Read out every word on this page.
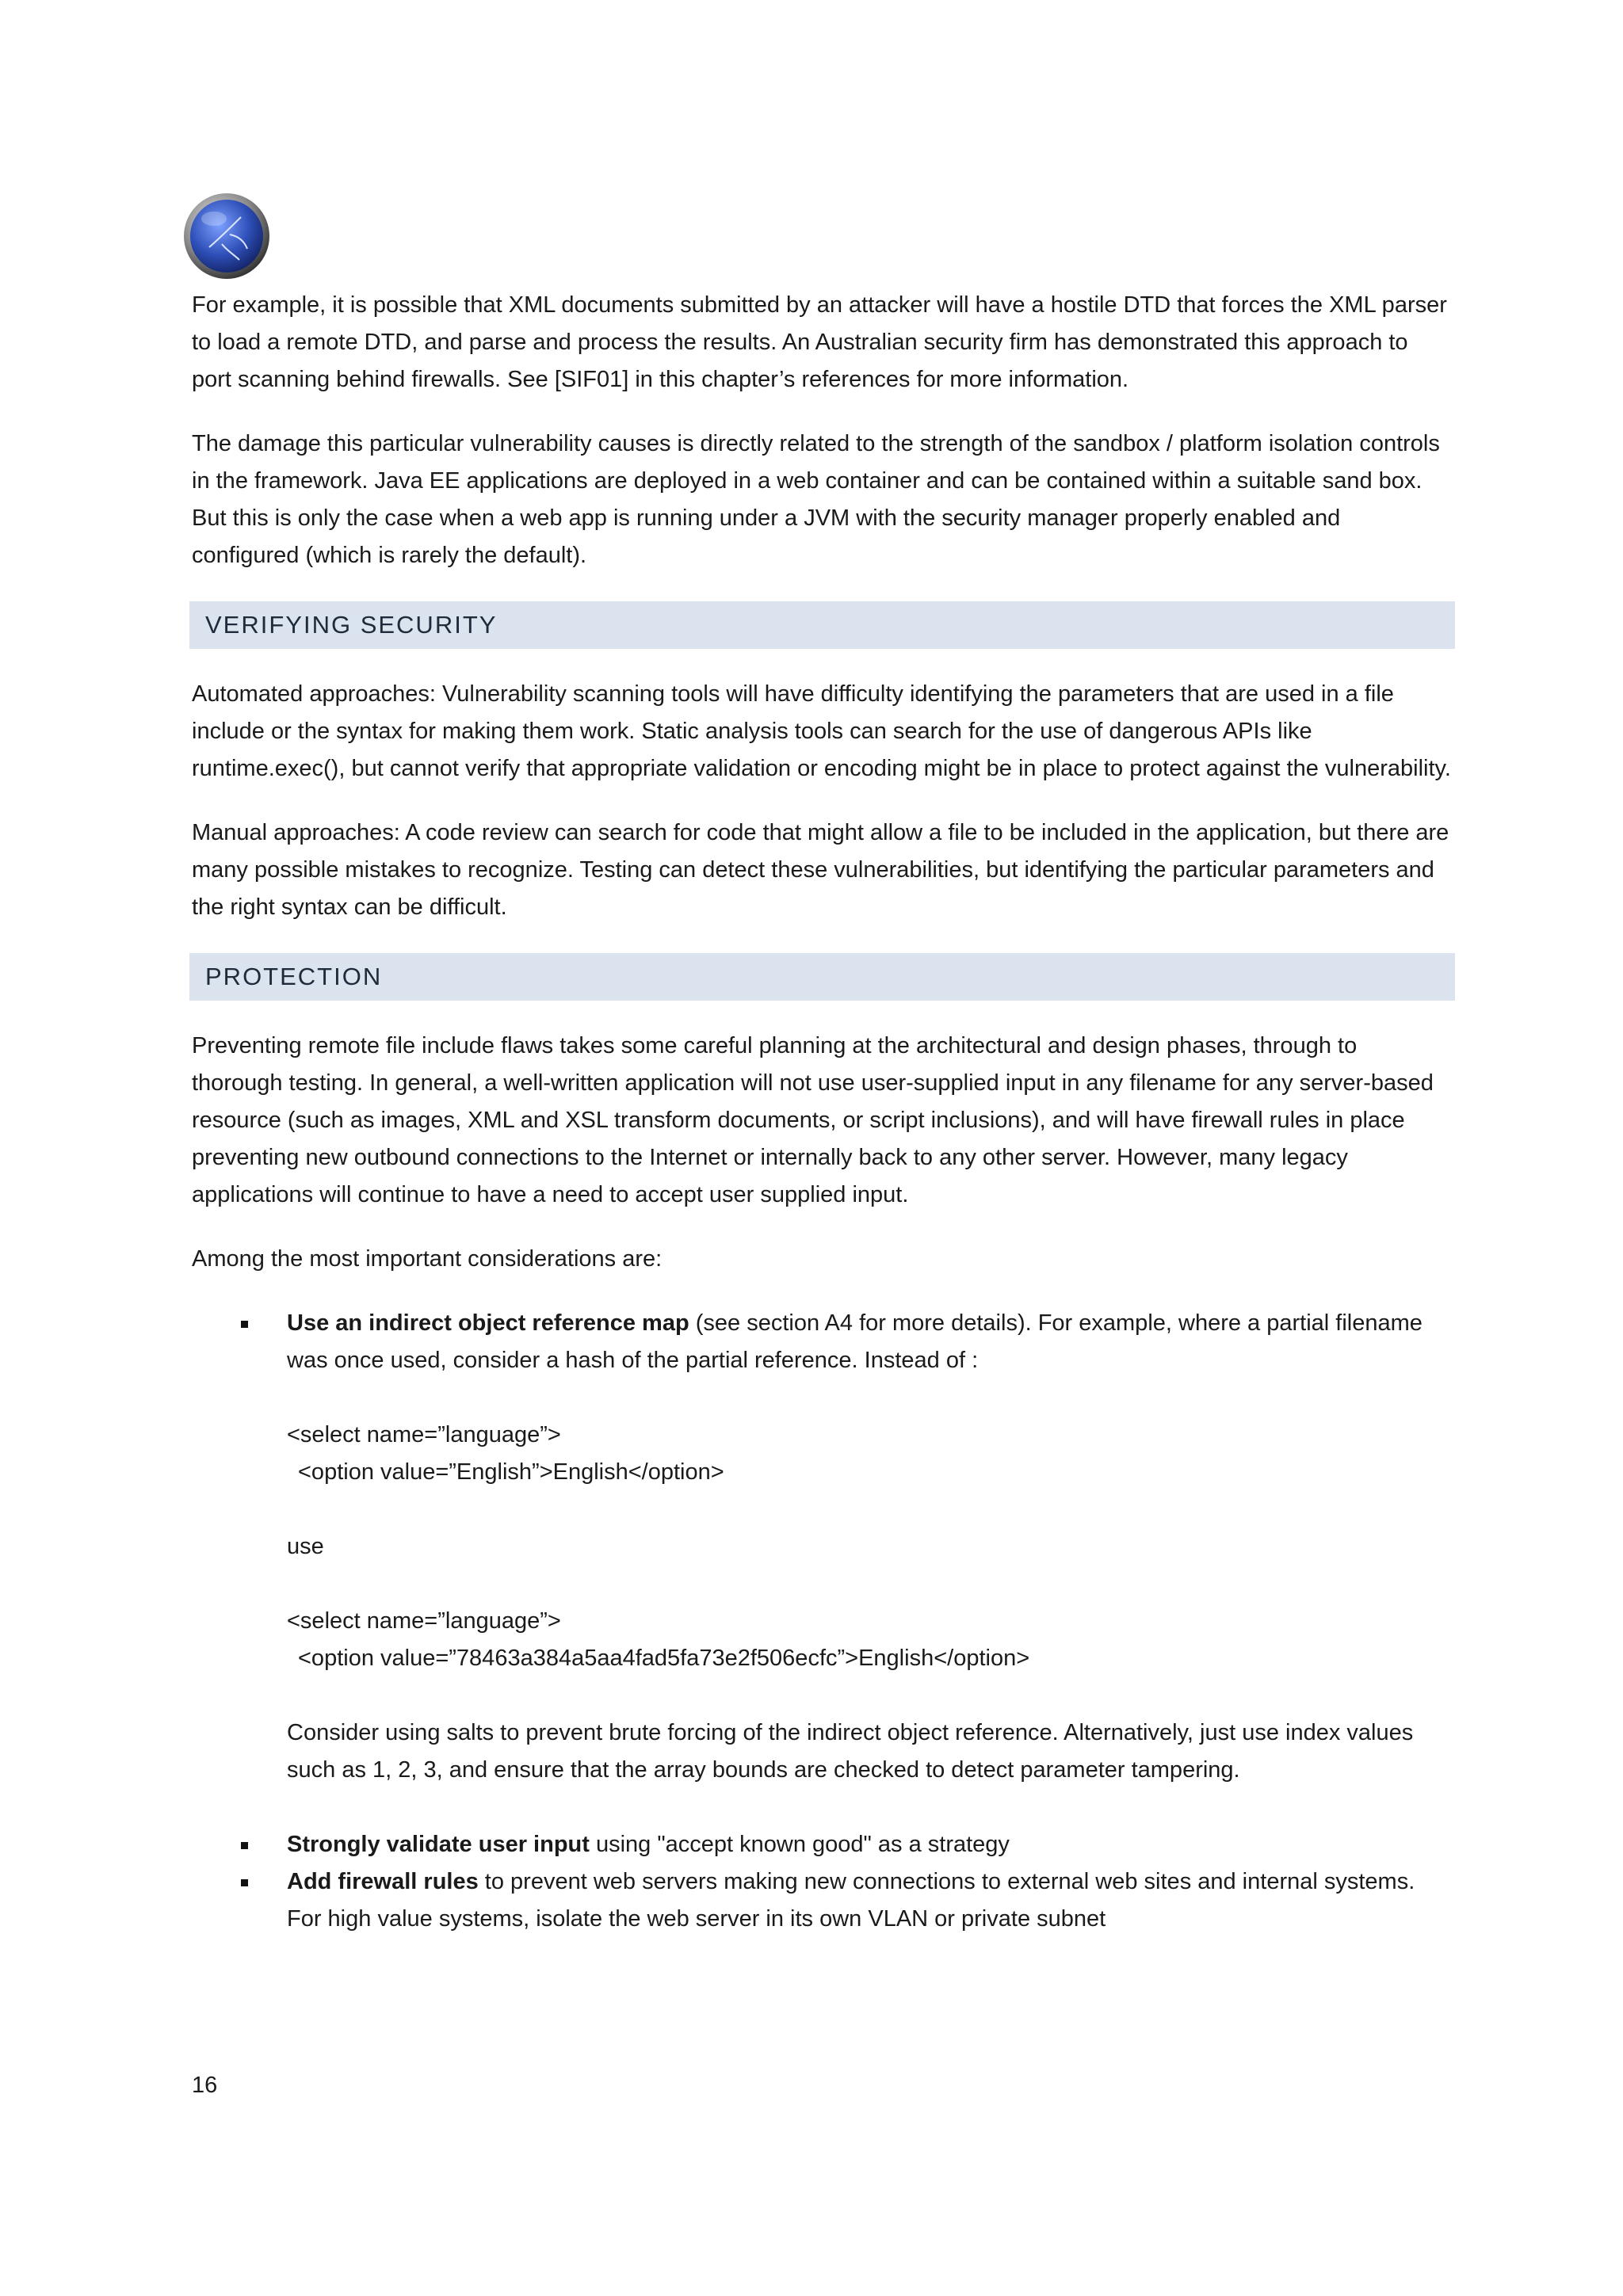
For example, it is possible that XML documents submitted by an attacker will have a hostile DTD that forces the XML parser to load a remote DTD, and parse and process the results. An Australian security firm has demonstrated this approach to port scanning behind firewalls. See [SIF01] in this chapter’s references for more information.

The damage this particular vulnerability causes is directly related to the strength of the sandbox / platform isolation controls in the framework. Java EE applications are deployed in a web container and can be contained within a suitable sand box. But this is only the case when a web app is running under a JVM with the security manager properly enabled and configured (which is rarely the default).

VERIFYING SECURITY

Automated approaches: Vulnerability scanning tools will have difficulty identifying the parameters that are used in a file include or the syntax for making them work. Static analysis tools can search for the use of dangerous APIs like runtime.exec(), but cannot verify that appropriate validation or encoding might be in place to protect against the vulnerability.

Manual approaches: A code review can search for code that might allow a file to be included in the application, but there are many possible mistakes to recognize. Testing can detect these vulnerabilities, but identifying the particular parameters and the right syntax can be difficult.

PROTECTION

Preventing remote file include flaws takes some careful planning at the architectural and design phases, through to thorough testing. In general, a well-written application will not use user-supplied input in any filename for any server-based resource (such as images, XML and XSL transform documents, or script inclusions), and will have firewall rules in place preventing new outbound connections to the Internet or internally back to any other server. However, many legacy applications will continue to have a need to accept user supplied input.

Among the most important considerations are:

Use an indirect object reference map (see section A4 for more details). For example, where a partial filename was once used, consider a hash of the partial reference. Instead of :
<select name=”language”>
<option value=”English”>English</option>
use
<select name=”language”>
<option value=”78463a384a5aa4fad5fa73e2f506ecfc”>English</option>
Consider using salts to prevent brute forcing of the indirect object reference. Alternatively, just use index values such as 1, 2, 3, and ensure that the array bounds are checked to detect parameter tampering.
Strongly validate user input using "accept known good" as a strategy
Add firewall rules to prevent web servers making new connections to external web sites and internal systems. For high value systems, isolate the web server in its own VLAN or private subnet
16
